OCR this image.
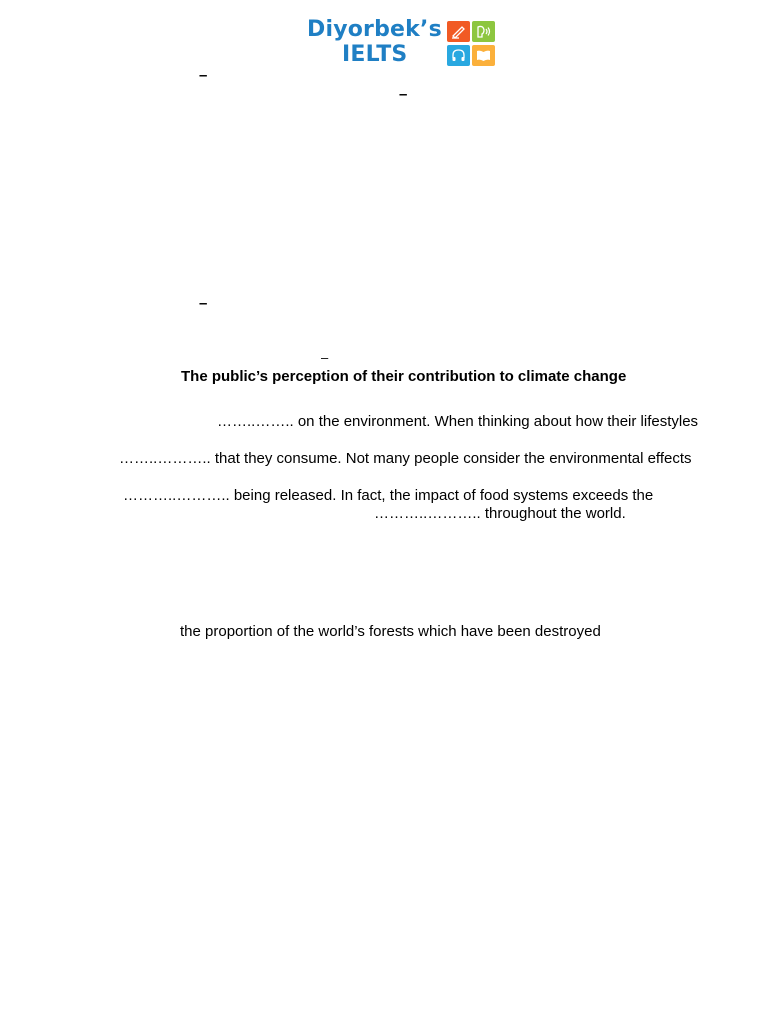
Diyorbek’s
IELTS
–
–
–
–
The public’s perception of their contribution to climate change
……..…….. on the environment. When thinking about how their lifestyles
……..……….. that they consume. Not many people consider the environmental effects
………..……….. being released. In fact, the impact of food systems exceeds the
………..……….. throughout the world.
the proportion of the world’s forests which have been destroyed
